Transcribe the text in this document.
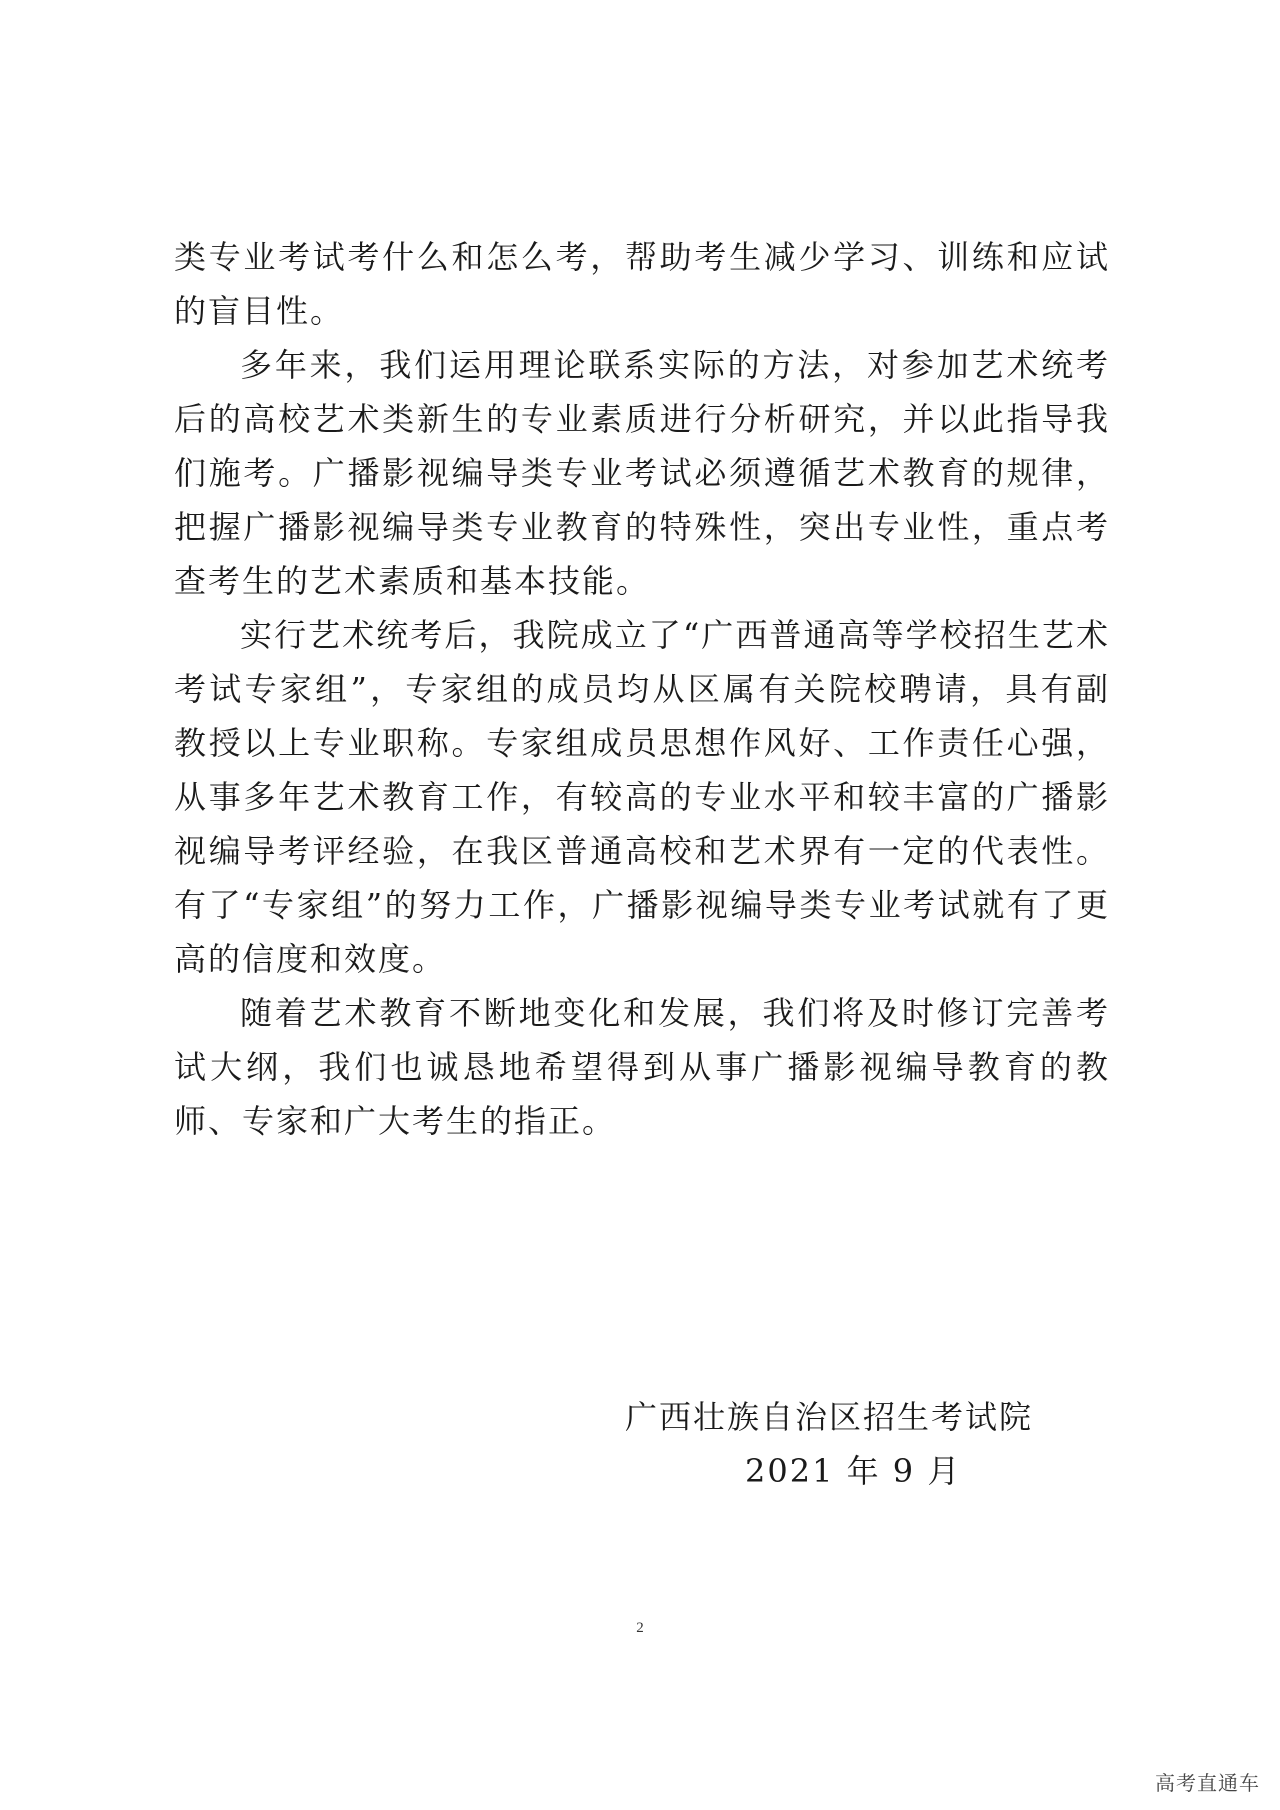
类专业考试考什么和怎么考，帮助考生减少学习、训练和应试的盲目性。

多年来，我们运用理论联系实际的方法，对参加艺术统考后的高校艺术类新生的专业素质进行分析研究，并以此指导我们施考。广播影视编导类专业考试必须遵循艺术教育的规律，把握广播影视编导类专业教育的特殊性，突出专业性，重点考查考生的艺术素质和基本技能。

实行艺术统考后，我院成立了“广西普通高等学校招生艺术考试专家组”，专家组的成员均从区属有关院校聘请，具有副教授以上专业职称。专家组成员思想作风好、工作责任心强，从事多年艺术教育工作，有较高的专业水平和较丰富的广播影视编导考评经验，在我区普通高校和艺术界有一定的代表性。有了“专家组”的努力工作，广播影视编导类专业考试就有了更高的信度和效度。

随着艺术教育不断地变化和发展，我们将及时修订完善考试大纲，我们也诚恳地希望得到从事广播影视编导教育的教师、专家和广大考生的指正。

广西壮族自治区招生考试院
2021 年 9 月
2
高考直通车
